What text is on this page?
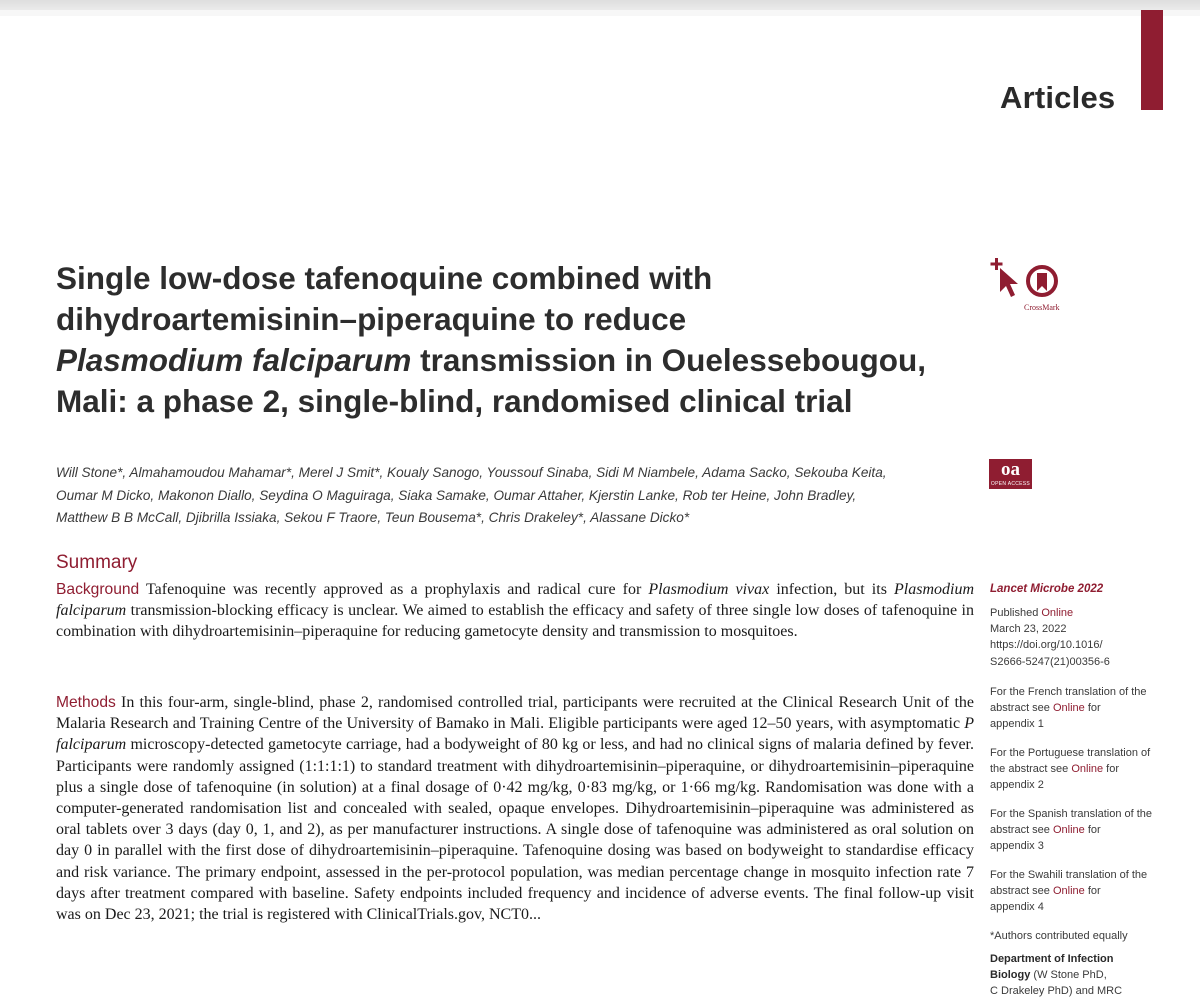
Articles
Single low-dose tafenoquine combined with
dihydroartemisinin–piperaquine to reduce
Plasmodium falciparum transmission in Ouelessebougou,
Mali: a phase 2, single-blind, randomised clinical trial
CrossMark
oa
OPEN ACCESS
Will Stone*, Almahamoudou Mahamar*, Merel J Smit*, Koualy Sanogo, Youssouf Sinaba, Sidi M Niambele, Adama Sacko, Sekouba Keita,
Oumar M Dicko, Makonon Diallo, Seydina O Maguiraga, Siaka Samake, Oumar Attaher, Kjerstin Lanke, Rob ter Heine, John Bradley,
Matthew B B McCall, Djibrilla Issiaka, Sekou F Traore, Teun Bousema*, Chris Drakeley*, Alassane Dicko*
Summary

Background Tafenoquine was recently approved as a prophylaxis and radical cure for Plasmodium vivax infection, but its Plasmodium falciparum transmission-blocking efficacy is unclear. We aimed to establish the efficacy and safety of three single low doses of tafenoquine in combination with dihydroartemisinin–piperaquine for reducing gametocyte density and transmission to mosquitoes.

Methods In this four-arm, single-blind, phase 2, randomised controlled trial, participants were recruited at the Clinical Research Unit of the Malaria Research and Training Centre of the University of Bamako in Mali. Eligible participants were aged 12–50 years, with asymptomatic P falciparum microscopy-detected gametocyte carriage, had a bodyweight of 80 kg or less, and had no clinical signs of malaria defined by fever. Participants were randomly assigned (1:1:1:1) to standard treatment with dihydroartemisinin–piperaquine, or dihydroartemisinin–piperaquine plus a single dose of tafenoquine (in solution) at a final dosage of 0·42 mg/kg, 0·83 mg/kg, or 1·66 mg/kg. Randomisation was done with a computer-generated randomisation list and concealed with sealed, opaque envelopes. Dihydroartemisinin–piperaquine was administered as oral tablets over 3 days (day 0, 1, and 2), as per manufacturer instructions. A single dose of tafenoquine was administered as oral solution on day 0 in parallel with the first dose of dihydroartemisinin–piperaquine. Tafenoquine dosing was based on bodyweight to standardise efficacy and risk variance. The primary endpoint, assessed in the per-protocol population, was median percentage change in mosquito infection rate 7 days after treatment compared with baseline. Safety endpoints included frequency and incidence of adverse events. The final follow-up visit was on Dec 23, 2021; the trial is registered with ClinicalTrials.gov, NCT0...

Lancet Microbe 2022
Published Online
March 23, 2022
https://doi.org/10.1016/
S2666-5247(21)00356-6
For the French translation of the
abstract see Online for
appendix 1
For the Portuguese translation of
the abstract see Online for
appendix 2
For the Spanish translation of the
abstract see Online for
appendix 3
For the Swahili translation of the
abstract see Online for
appendix 4
*Authors contributed equally
Department of Infection
Biology (W Stone PhD,
C Drakeley PhD) and MRC
